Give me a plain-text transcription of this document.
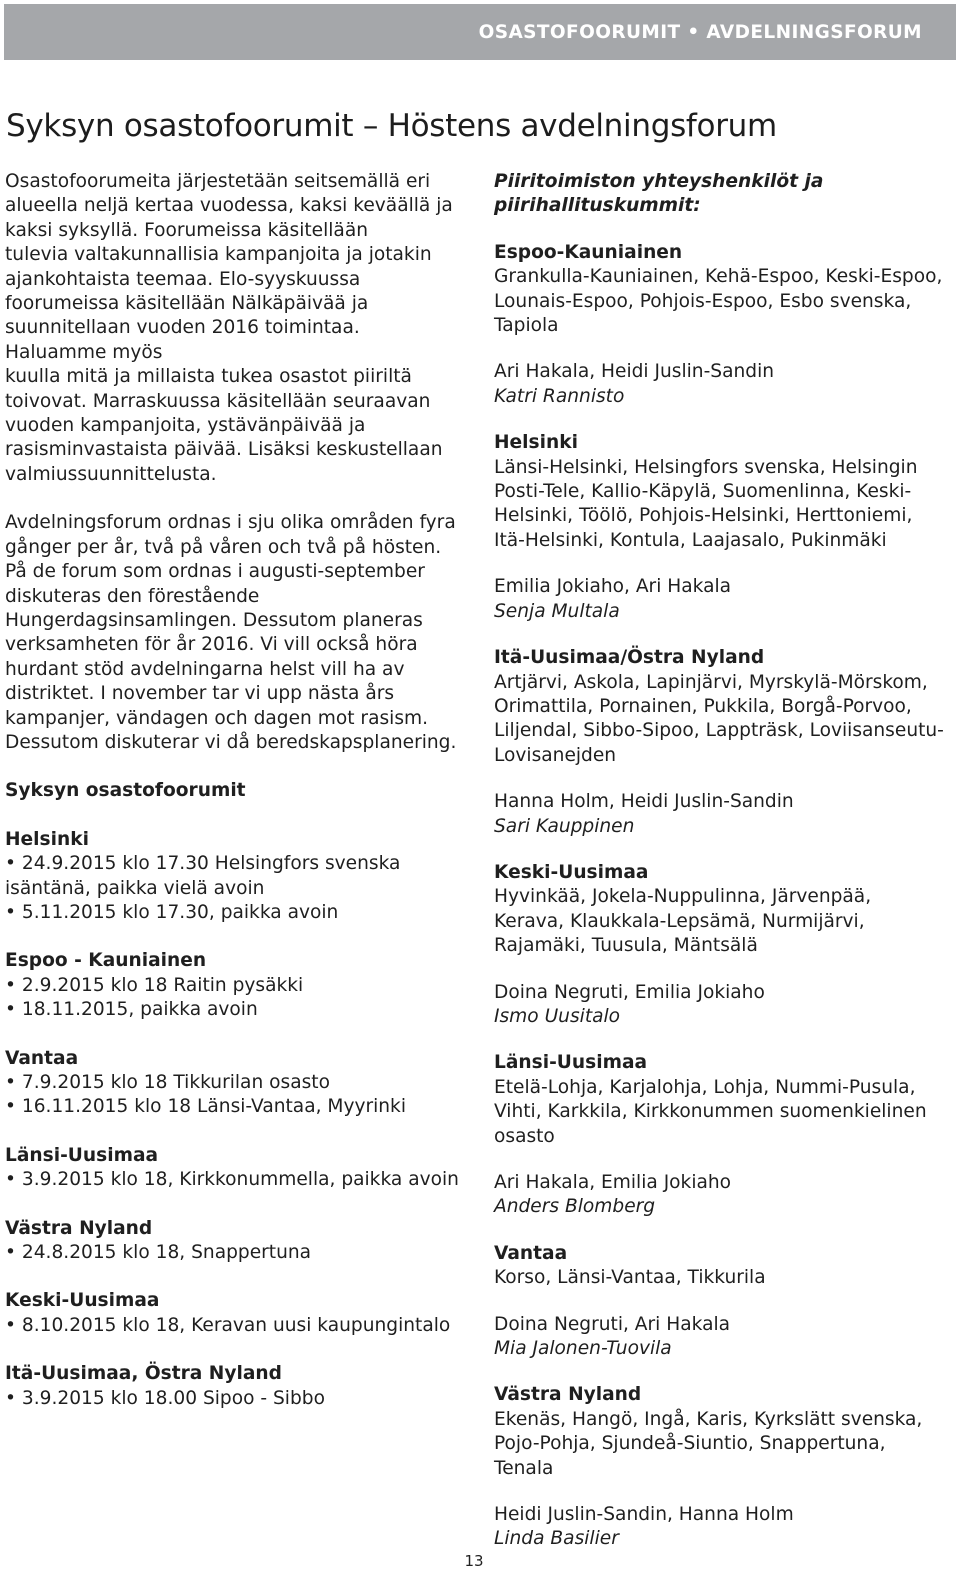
OSASTOFOORUMIT • AVDELNINGSFORUM
Syksyn osastofoorumit – Höstens avdelningsforum

Osastofoorumeita järjestetään seitsemällä eri
alueella neljä kertaa vuodessa, kaksi keväällä ja kaksi syksyllä. Foorumeissa käsitellään
tulevia valtakunnallisia kampanjoita ja jotakin
ajankohtaista teemaa. Elo-syyskuussa foorumeissa käsitellään Nälkäpäivää ja suunnitellaan vuoden 2016 toimintaa. Haluamme myös
kuulla mitä ja millaista tukea osastot piiriltä
toivovat. Marraskuussa käsitellään seuraavan
vuoden kampanjoita, ystävänpäivää ja rasisminvastaista päivää. Lisäksi keskustellaan valmiussuunnittelusta.

Avdelningsforum ordnas i sju olika områden fyra gånger per år, två på våren och två på hösten. På de forum som ordnas i augusti-september diskuteras den förestående Hungerdagsinsamlingen. Dessutom planeras verksamheten för år 2016. Vi vill också höra hurdant stöd avdelningarna helst vill ha av distriktet. I november tar vi upp nästa års kampanjer, vändagen och dagen mot rasism. Dessutom diskuterar vi då beredskapsplanering.

Syksyn osastofoorumit

Helsinki

• 24.9.2015 klo 17.30 Helsingfors svenska isäntänä, paikka vielä avoin

• 5.11.2015 klo 17.30, paikka avoin

Espoo - Kauniainen

• 2.9.2015 klo 18 Raitin pysäkki

• 18.11.2015, paikka avoin

Vantaa

• 7.9.2015 klo 18 Tikkurilan osasto

• 16.11.2015 klo 18 Länsi-Vantaa, Myyrinki

Länsi-Uusimaa

• 3.9.2015 klo 18, Kirkkonummella, paikka avoin

Västra Nyland

• 24.8.2015 klo 18, Snappertuna

Keski-Uusimaa

• 8.10.2015 klo 18, Keravan uusi kaupungintalo

Itä-Uusimaa, Östra Nyland

• 3.9.2015 klo 18.00 Sipoo - Sibbo

Piiritoimiston yhteyshenkilöt ja
piirihallituskummit:

Espoo-Kauniainen

Grankulla-Kauniainen, Kehä-Espoo, Keski-Espoo, Lounais-Espoo, Pohjois-Espoo, Esbo svenska, Tapiola

Ari Hakala, Heidi Juslin-Sandin

Katri Rannisto

Helsinki

Länsi-Helsinki, Helsingfors svenska, Helsingin Posti-Tele, Kallio-Käpylä, Suomenlinna, Keski-Helsinki, Töölö, Pohjois-Helsinki, Herttoniemi, Itä-Helsinki, Kontula, Laajasalo, Pukinmäki

Emilia Jokiaho, Ari Hakala

Senja Multala

Itä-Uusimaa/Östra Nyland

Artjärvi, Askola, Lapinjärvi, Myrskylä-Mörskom, Orimattila, Pornainen, Pukkila, Borgå-Porvoo, Liljendal, Sibbo-Sipoo, Lappträsk, Loviisanseutu-Lovisanejden

Hanna Holm, Heidi Juslin-Sandin

Sari Kauppinen

Keski-Uusimaa

Hyvinkää, Jokela-Nuppulinna, Järvenpää, Kerava, Klaukkala-Lepsämä, Nurmijärvi, Rajamäki, Tuusula, Mäntsälä

Doina Negruti, Emilia Jokiaho

Ismo Uusitalo

Länsi-Uusimaa

Etelä-Lohja, Karjalohja, Lohja, Nummi-Pusula, Vihti, Karkkila, Kirkkonummen suomenkielinen osasto

Ari Hakala, Emilia Jokiaho

Anders Blomberg

Vantaa

Korso, Länsi-Vantaa, Tikkurila

Doina Negruti, Ari Hakala

Mia Jalonen-Tuovila

Västra Nyland

Ekenäs, Hangö, Ingå, Karis, Kyrkslätt svenska, Pojo-Pohja, Sjundeå-Siuntio, Snappertuna, Tenala

Heidi Juslin-Sandin, Hanna Holm

Linda Basilier

13
